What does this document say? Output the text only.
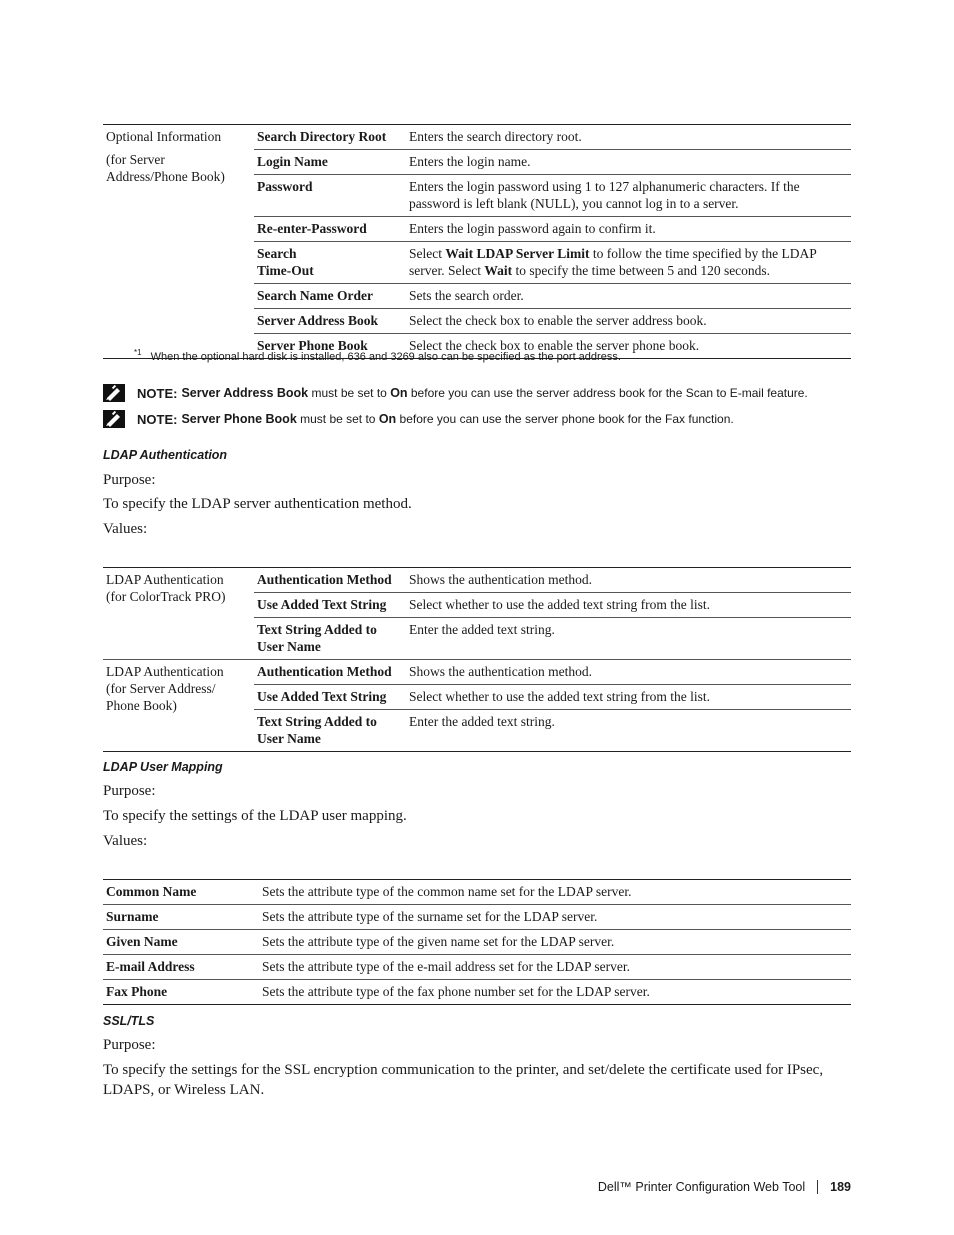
Optional Information
(for Server Address/Phone Book)	Search Directory Root	Enters the search directory root.
	Login Name	Enters the login name.
	Password	Enters the login password using 1 to 127 alphanumeric characters. If the password is left blank (NULL), you cannot log in to a server.
	Re-enter-Password	Enters the login password again to confirm it.

	Search Time-Out	Select Wait LDAP Server Limit to follow the time specified by the LDAP server. Select Wait to specify the time between 5 and 120 seconds.
	Search Name Order	Sets the search order.
	Server Address Book	Select the check box to enable the server address book.
	Server Phone Book	Select the check box to enable the server phone book.
$^{*1}$ When the optional hard disk is installed, 636 and 3269 also can be specified as the port address.
NOTE: Server Address Book must be set to On before you can use the server address book for the Scan to E-mail feature.
NOTE: Server Phone Book must be set to On before you can use the server phone book for the Fax function.
LDAP Authentication
Purpose:
To specify the LDAP server authentication method.
Values:
LDAP Authentication
(for ColorTrack PRO)	Authentication Method	Shows the authentication method.
	Use Added Text String	Select whether to use the added text string from the list.

	Text String Added to
User Name	Enter the added text string.

LDAP Authentication
(for Server Address/
Phone Book)	Authentication Method	Shows the authentication method.
	Use Added Text String	Select whether to use the added text string from the list.

	Text String Added to
User Name	Enter the added text string.
LDAP User Mapping
Purpose:
To specify the settings of the LDAP user mapping.
Values:
Common Name	Sets the attribute type of the common name set for the LDAP server.
Surname	Sets the attribute type of the surname set for the LDAP server.
Given Name	Sets the attribute type of the given name set for the LDAP server.
E-mail Address	Sets the attribute type of the e-mail address set for the LDAP server.
Fax Phone	Sets the attribute type of the fax phone number set for the LDAP server.
SSL/TLS
Purpose:
To specify the settings for the SSL encryption communication to the printer, and set/delete the certificate used for IPsec, LDAPS, or Wireless LAN.
Dell™ Printer Configuration Web Tool 189
